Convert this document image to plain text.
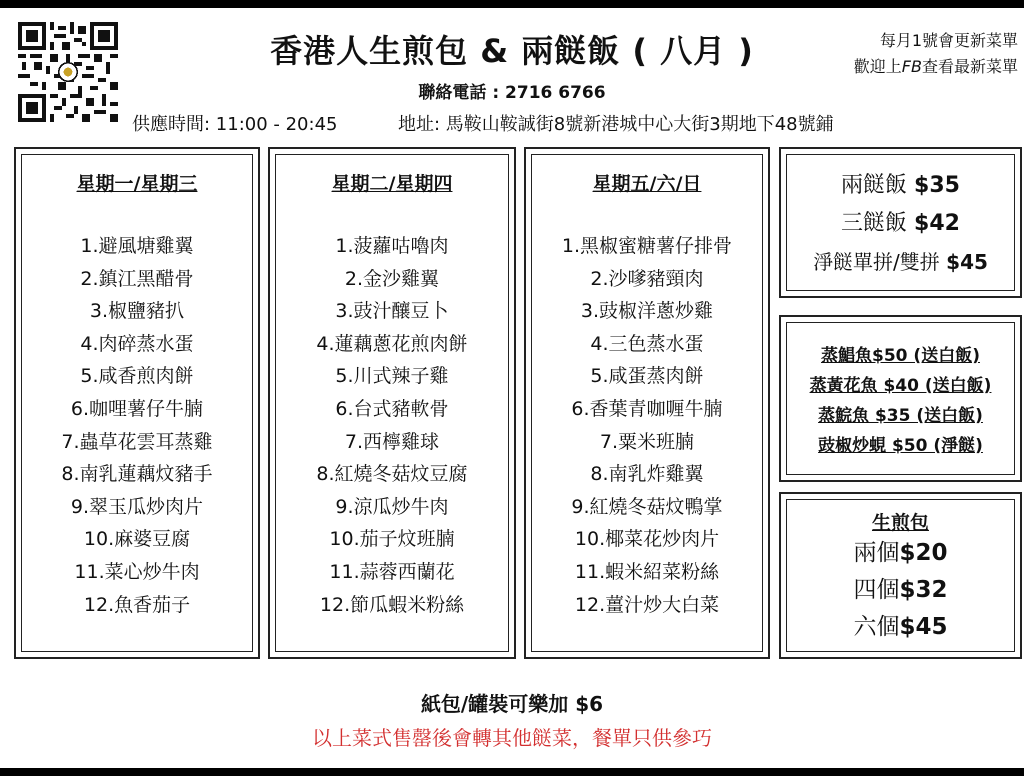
香港人生煎包 & 兩餸飯 ( 八月 )
聯絡電話 : 2716 6766
每月1號會更新菜單
歡迎上FB查看最新菜單
供應時間: 11:00 - 20:45	地址: 馬鞍山鞍誠街8號新港城中心大街3期地下48號鋪
星期一/星期三
1.避風塘雞翼
2.鎮江黑醋骨
3.椒鹽豬扒
4.肉碎蒸水蛋
5.咸香煎肉餅
6.咖哩薯仔牛腩
7.蟲草花雲耳蒸雞
8.南乳蓮藕炆豬手
9.翠玉瓜炒肉片
10.麻婆豆腐
11.菜心炒牛肉
12.魚香茄子
星期二/星期四
1.菠蘿咕嚕肉
2.金沙雞翼
3.豉汁釀豆卜
4.蓮藕蔥花煎肉餅
5.川式辣子雞
6.台式豬軟骨
7.西檸雞球
8.紅燒冬菇炆豆腐
9.涼瓜炒牛肉
10.茄子炆班腩
11.蒜蓉西蘭花
12.節瓜蝦米粉絲
星期五/六/日
1.黑椒蜜糖薯仔排骨
2.沙嗲豬頸肉
3.豉椒洋蔥炒雞
4.三色蒸水蛋
5.咸蛋蒸肉餅
6.香葉青咖喱牛腩
7.粟米班腩
8.南乳炸雞翼
9.紅燒冬菇炆鴨掌
10.椰菜花炒肉片
11.蝦米紹菜粉絲
12.薑汁炒大白菜
兩餸飯 $35
三餸飯 $42
淨餸單拼/雙拼 $45
蒸鯧魚$50 (送白飯)
蒸黃花魚 $40 (送白飯)
蒸鯇魚 $35 (送白飯)
豉椒炒蜆 $50 (淨餸)
生煎包
兩個$20
四個$32
六個$45
紙包/罐裝可樂加 $6
以上菜式售罄後會轉其他餸菜，餐單只供參巧
